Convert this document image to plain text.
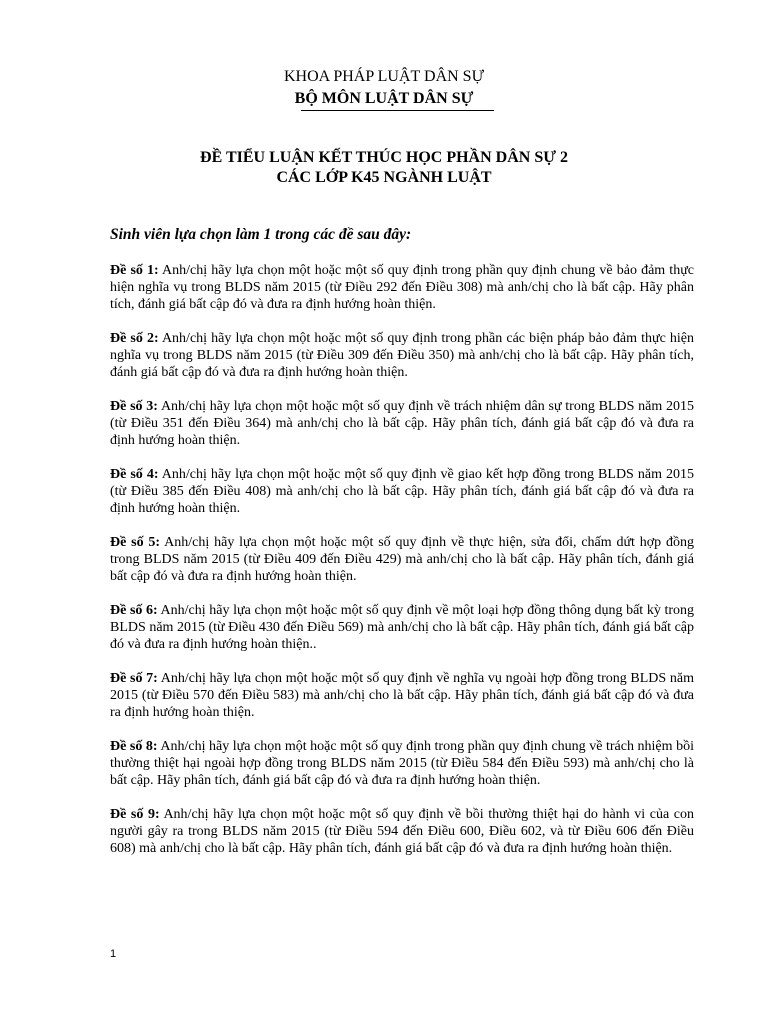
KHOA PHÁP LUẬT DÂN SỰ
BỘ MÔN LUẬT DÂN SỰ
ĐỀ TIỂU LUẬN KẾT THÚC HỌC PHẦN DÂN SỰ 2
CÁC LỚP K45 NGÀNH LUẬT
Sinh viên lựa chọn làm 1 trong các đề sau đây:

Đề số 1: Anh/chị hãy lựa chọn một hoặc một số quy định trong phần quy định chung về bảo đảm thực hiện nghĩa vụ trong BLDS năm 2015 (từ Điều 292 đến Điều 308) mà anh/chị cho là bất cập. Hãy phân tích, đánh giá bất cập đó và đưa ra định hướng hoàn thiện.

Đề số 2: Anh/chị hãy lựa chọn một hoặc một số quy định trong phần các biện pháp bảo đảm thực hiện nghĩa vụ trong BLDS năm 2015 (từ Điều 309 đến Điều 350) mà anh/chị cho là bất cập. Hãy phân tích, đánh giá bất cập đó và đưa ra định hướng hoàn thiện.

Đề số 3: Anh/chị hãy lựa chọn một hoặc một số quy định về trách nhiệm dân sự trong BLDS năm 2015 (từ Điều 351 đến Điều 364) mà anh/chị cho là bất cập. Hãy phân tích, đánh giá bất cập đó và đưa ra định hướng hoàn thiện.

Đề số 4: Anh/chị hãy lựa chọn một hoặc một số quy định về giao kết hợp đồng trong BLDS năm 2015 (từ Điều 385 đến Điều 408) mà anh/chị cho là bất cập. Hãy phân tích, đánh giá bất cập đó và đưa ra định hướng hoàn thiện.

Đề số 5: Anh/chị hãy lựa chọn một hoặc một số quy định về thực hiện, sửa đổi, chấm dứt hợp đồng trong BLDS năm 2015 (từ Điều 409 đến Điều 429) mà anh/chị cho là bất cập. Hãy phân tích, đánh giá bất cập đó và đưa ra định hướng hoàn thiện.

Đề số 6: Anh/chị hãy lựa chọn một hoặc một số quy định về một loại hợp đồng thông dụng bất kỳ trong BLDS năm 2015 (từ Điều 430 đến Điều 569) mà anh/chị cho là bất cập. Hãy phân tích, đánh giá bất cập đó và đưa ra định hướng hoàn thiện..

Đề số 7: Anh/chị hãy lựa chọn một hoặc một số quy định về nghĩa vụ ngoài hợp đồng trong BLDS năm 2015 (từ Điều 570 đến Điều 583) mà anh/chị cho là bất cập. Hãy phân tích, đánh giá bất cập đó và đưa ra định hướng hoàn thiện.

Đề số 8: Anh/chị hãy lựa chọn một hoặc một số quy định trong phần quy định chung về trách nhiệm bồi thường thiệt hại ngoài hợp đồng trong BLDS năm 2015 (từ Điều 584 đến Điều 593) mà anh/chị cho là bất cập. Hãy phân tích, đánh giá bất cập đó và đưa ra định hướng hoàn thiện.

Đề số 9: Anh/chị hãy lựa chọn một hoặc một số quy định về bồi thường thiệt hại do hành vi của con người gây ra trong BLDS năm 2015 (từ Điều 594 đến Điều 600, Điều 602, và từ Điều 606 đến Điều 608) mà anh/chị cho là bất cập. Hãy phân tích, đánh giá bất cập đó và đưa ra định hướng hoàn thiện.

1
